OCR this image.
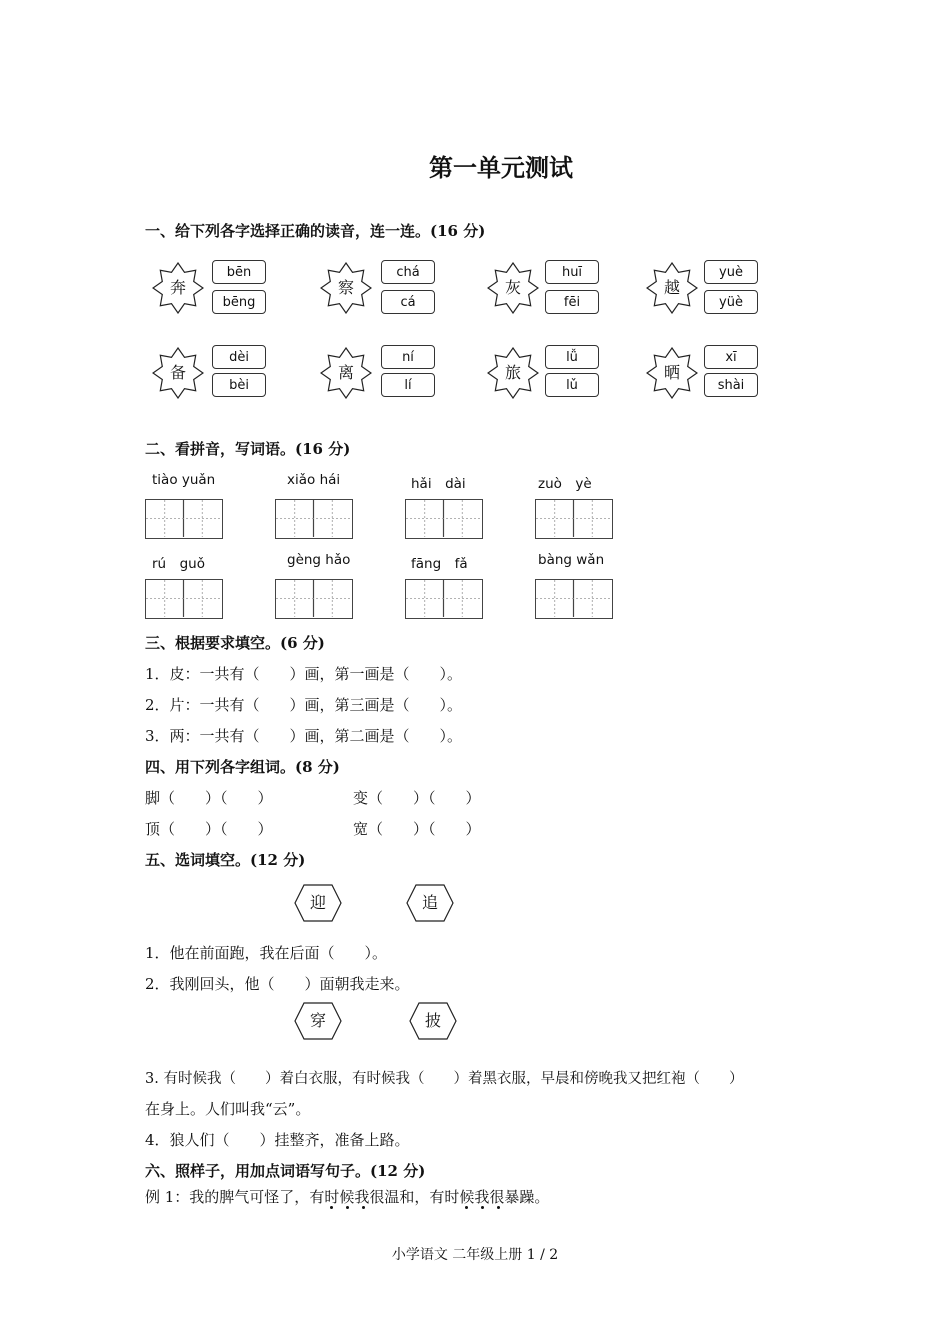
第一单元测试
一、给下列各字选择正确的读音，连一连。(16 分)
奔
bēn
bēng
察
chá
cá
灰
huī
fēi
越
yuè
yüè
备
dèi
bèi
离
ní
lí
旅
lǚ
lǔ
晒
xī
shài
二、看拼音，写词语。(16 分)
tiào yuǎn	xiǎo hái	hǎi　dài	zuò　yè
rú　guǒ	gèng hǎo	fāng　fǎ	bàng wǎn
三、根据要求填空。(6 分)
1．皮：一共有（　　）画，第一画是（　　）。
2．片：一共有（　　）画，第三画是（　　）。
3．两：一共有（　　）画，第二画是（　　）。
四、用下列各字组词。(8 分)
脚（　　）（　　）	变（　　）（　　）
顶（　　）（　　）	宽（　　）（　　）
五、选词填空。(12 分)
迎	追
1．他在前面跑，我在后面（　　）。
2．我刚回头，他（　　）面朝我走来。
穿	披
3. 有时候我（　　）着白衣服，有时候我（　　）着黑衣服，早晨和傍晚我又把红袍（　　）
在身上。人们叫我“云”。
4．狼人们（　　）挂整齐，准备上路。
六、照样子，用加点词语写句子。(12 分)
例 1：我的脾气可怪了，有时候我很温和，有时候我很暴躁。
小学语文 二年级上册 1 / 2
